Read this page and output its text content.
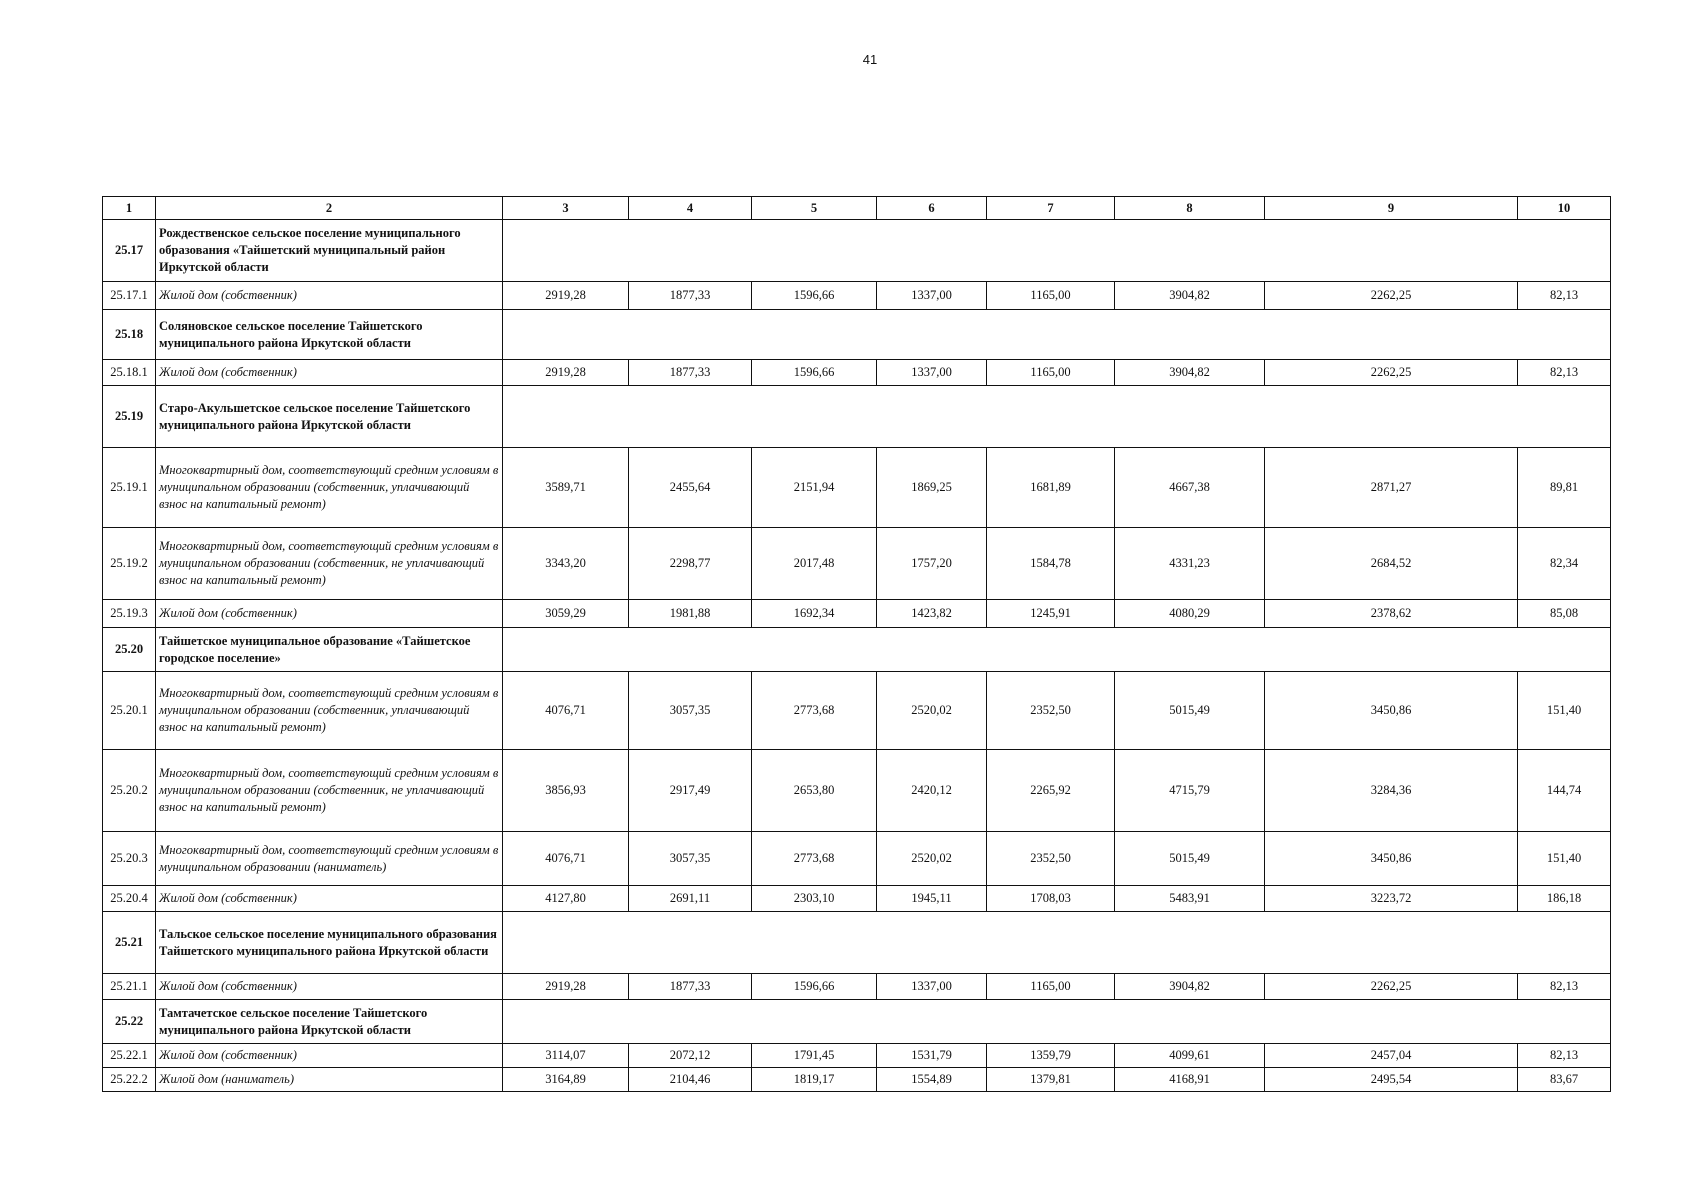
41
1	2	3	4	5	6	7	8	9	10
25.17	Рождественское сельское поселение муниципального образования «Тайшетский муниципальный район Иркутской области								
25.17.1	Жилой дом (собственник)	2919,28	1877,33	1596,66	1337,00	1165,00	3904,82	2262,25	82,13
25.18	Соляновское сельское поселение Тайшетского муниципального района Иркутской области								
25.18.1	Жилой дом (собственник)	2919,28	1877,33	1596,66	1337,00	1165,00	3904,82	2262,25	82,13
25.19	Старо-Акульшетское сельское поселение Тайшетского муниципального района Иркутской области								
25.19.1	Многоквартирный дом, соответствующий средним условиям в муниципальном образовании (собственник, уплачивающий взнос на капитальный ремонт)	3589,71	2455,64	2151,94	1869,25	1681,89	4667,38	2871,27	89,81
25.19.2	Многоквартирный дом, соответствующий средним условиям в муниципальном образовании (собственник, не уплачивающий взнос на капитальный ремонт)	3343,20	2298,77	2017,48	1757,20	1584,78	4331,23	2684,52	82,34
25.19.3	Жилой дом (собственник)	3059,29	1981,88	1692,34	1423,82	1245,91	4080,29	2378,62	85,08
25.20	Тайшетское муниципальное образование «Тайшетское городское поселение»								
25.20.1	Многоквартирный дом, соответствующий средним условиям в муниципальном образовании (собственник, уплачивающий взнос на капитальный ремонт)	4076,71	3057,35	2773,68	2520,02	2352,50	5015,49	3450,86	151,40
25.20.2	Многоквартирный дом, соответствующий средним условиям в муниципальном образовании (собственник, не уплачивающий взнос на капитальный ремонт)	3856,93	2917,49	2653,80	2420,12	2265,92	4715,79	3284,36	144,74
25.20.3	Многоквартирный дом, соответствующий средним условиям в муниципальном образовании (наниматель)	4076,71	3057,35	2773,68	2520,02	2352,50	5015,49	3450,86	151,40
25.20.4	Жилой дом (собственник)	4127,80	2691,11	2303,10	1945,11	1708,03	5483,91	3223,72	186,18
25.21	Тальское сельское поселение муниципального образования Тайшетского муниципального района Иркутской области								
25.21.1	Жилой дом (собственник)	2919,28	1877,33	1596,66	1337,00	1165,00	3904,82	2262,25	82,13
25.22	Тамтачетское сельское поселение Тайшетского муниципального района Иркутской области								
25.22.1	Жилой дом (собственник)	3114,07	2072,12	1791,45	1531,79	1359,79	4099,61	2457,04	82,13
25.22.2	Жилой дом (наниматель)	3164,89	2104,46	1819,17	1554,89	1379,81	4168,91	2495,54	83,67
